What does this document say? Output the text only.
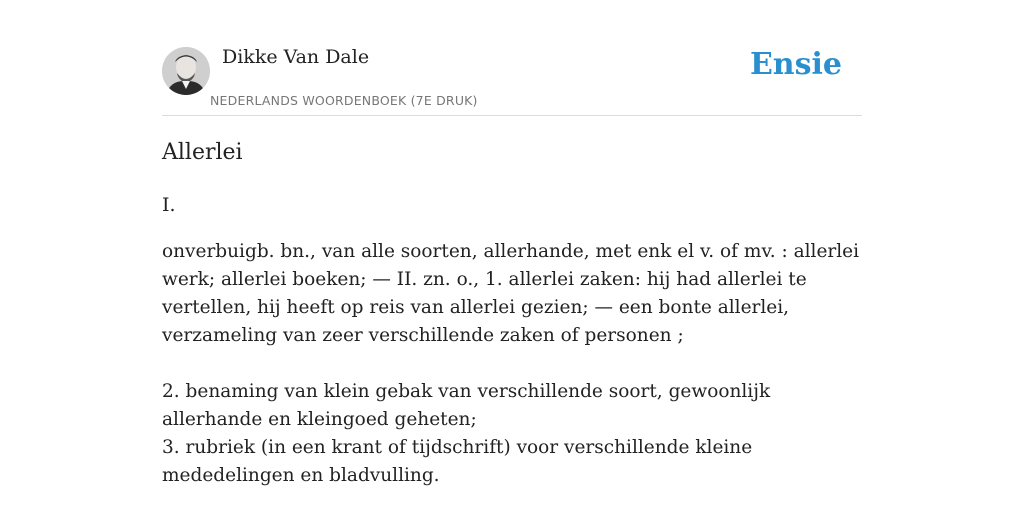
Dikke Van Dale
NEDERLANDS WOORDENBOEK (7E DRUK)
Ensie
Allerlei
I.

onverbuigb. bn., van alle soorten, allerhande, met enk el v. of mv. : allerlei werk; allerlei boeken; — II. zn. o., 1. allerlei zaken: hij had allerlei te vertellen, hij heeft op reis van allerlei gezien; — een bonte allerlei, verzameling van zeer verschillende zaken of personen ;

2. benaming van klein gebak van verschillende soort, gewoonlijk allerhande en kleingoed geheten;

3. rubriek (in een krant of tijdschrift) voor verschillende kleine mededelingen en bladvulling.
